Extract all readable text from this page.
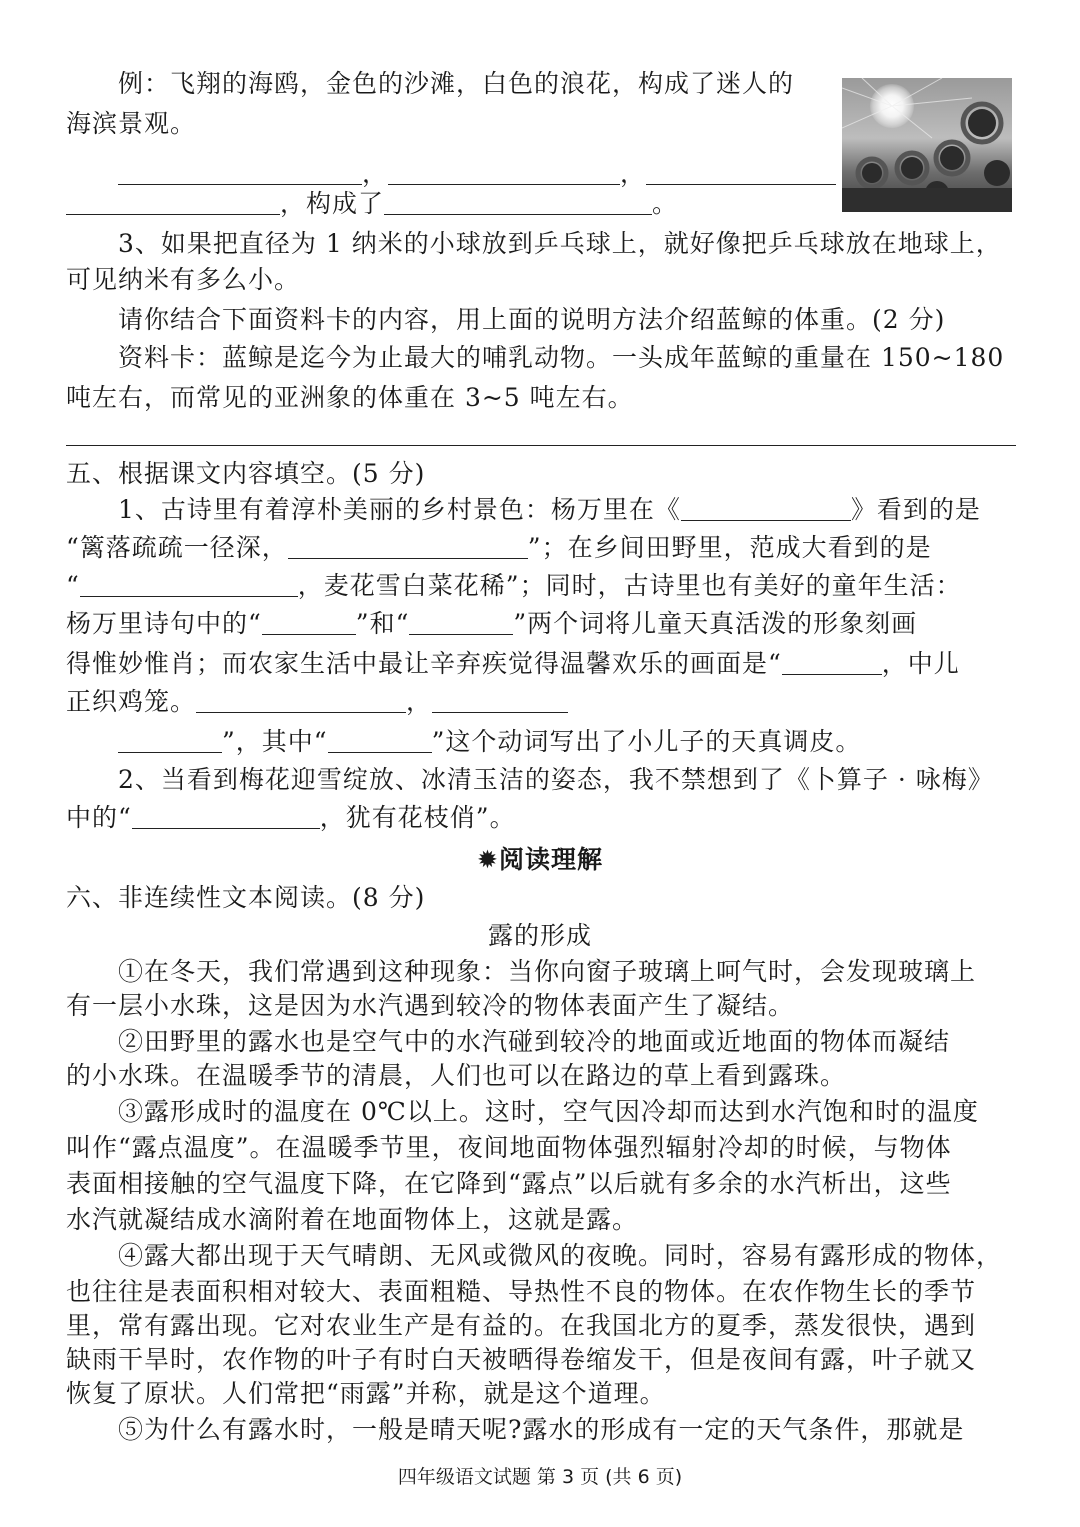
例：飞翔的海鸥，金色的沙滩，白色的浪花，构成了迷人的
海滨景观。
，	，
，构成了	。
3、如果把直径为 1 纳米的小球放到乒乓球上，就好像把乒乓球放在地球上，
可见纳米有多么小。
请你结合下面资料卡的内容，用上面的说明方法介绍蓝鲸的体重。(2 分)
资料卡：蓝鲸是迄今为止最大的哺乳动物。一头成年蓝鲸的重量在 150~180
吨左右，而常见的亚洲象的体重在 3~5 吨左右。
五、根据课文内容填空。(5 分)
1、古诗里有着淳朴美丽的乡村景色：杨万里在《	》看到的是
“篱落疏疏一径深，	”；在乡间田野里，范成大看到的是
“	，麦花雪白菜花稀”；同时，古诗里也有美好的童年生活：
杨万里诗句中的“	”和“	”两个词将儿童天真活泼的形象刻画
得惟妙惟肖；而农家生活中最让辛弃疾觉得温馨欢乐的画面是“	，中儿
正织鸡笼。	，
”，其中“	”这个动词写出了小儿子的天真调皮。
2、当看到梅花迎雪绽放、冰清玉洁的姿态，我不禁想到了《卜算子 · 咏梅》
中的“	，犹有花枝俏”。
✹阅读理解
六、非连续性文本阅读。(8 分)
露的形成
①在冬天，我们常遇到这种现象：当你向窗子玻璃上呵气时，会发现玻璃上
有一层小水珠，这是因为水汽遇到较冷的物体表面产生了凝结。
②田野里的露水也是空气中的水汽碰到较冷的地面或近地面的物体而凝结
的小水珠。在温暖季节的清晨，人们也可以在路边的草上看到露珠。
③露形成时的温度在 0℃以上。这时，空气因冷却而达到水汽饱和时的温度
叫作“露点温度”。在温暖季节里，夜间地面物体强烈辐射冷却的时候，与物体
表面相接触的空气温度下降，在它降到“露点”以后就有多余的水汽析出，这些
水汽就凝结成水滴附着在地面物体上，这就是露。
④露大都出现于天气晴朗、无风或微风的夜晚。同时，容易有露形成的物体，
也往往是表面积相对较大、表面粗糙、导热性不良的物体。在农作物生长的季节
里，常有露出现。它对农业生产是有益的。在我国北方的夏季，蒸发很快，遇到
缺雨干旱时，农作物的叶子有时白天被晒得卷缩发干，但是夜间有露，叶子就又
恢复了原状。人们常把“雨露”并称，就是这个道理。
⑤为什么有露水时，一般是晴天呢?露水的形成有一定的天气条件，那就是
四年级语文试题 第 3 页 (共 6 页)
